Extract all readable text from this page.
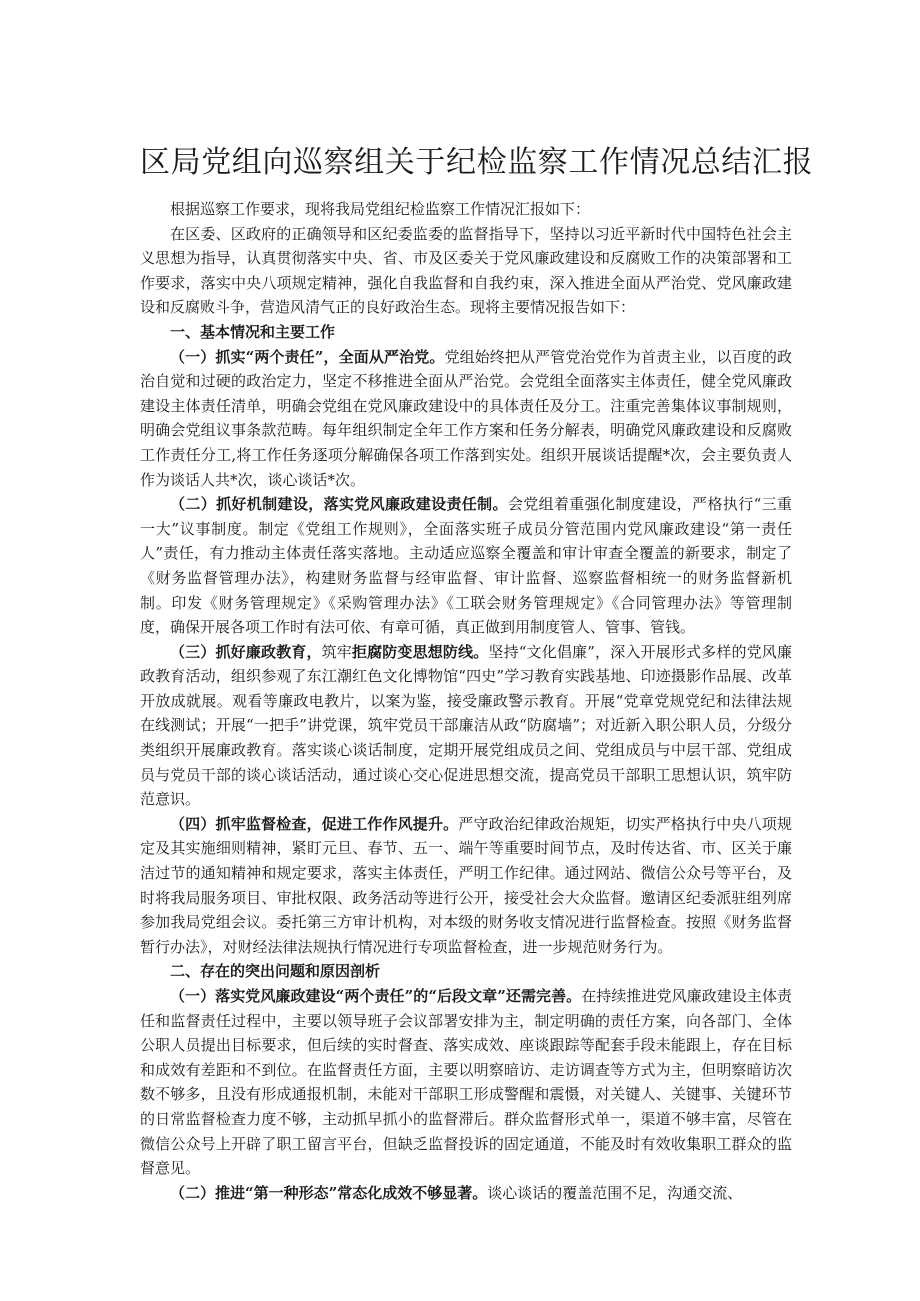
区局党组向巡察组关于纪检监察工作情况总结汇报

根据巡察工作要求，现将我局党组纪检监察工作情况汇报如下：

在区委、区政府的正确领导和区纪委监委的监督指导下，坚持以习近平新时代中国特色社会主义思想为指导，认真贯彻落实中央、省、市及区委关于党风廉政建设和反腐败工作的决策部署和工作要求，落实中央八项规定精神，强化自我监督和自我约束，深入推进全面从严治党、党风廉政建设和反腐败斗争，营造风清气正的良好政治生态。现将主要情况报告如下：

一、基本情况和主要工作

（一）抓实“两个责任”，全面从严治党。党组始终把从严管党治党作为首责主业，以百度的政治自觉和过硬的政治定力，坚定不移推进全面从严治党。会党组全面落实主体责任，健全党风廉政建设主体责任清单，明确会党组在党风廉政建设中的具体责任及分工。注重完善集体议事制规则，明确会党组议事条款范畴。每年组织制定全年工作方案和任务分解表，明确党风廉政建设和反腐败工作责任分工,将工作任务逐项分解确保各项工作落到实处。组织开展谈话提醒*次，会主要负责人作为谈话人共*次，谈心谈话*次。

（二）抓好机制建设，落实党风廉政建设责任制。会党组着重强化制度建设，严格执行“三重一大”议事制度。制定《党组工作规则》，全面落实班子成员分管范围内党风廉政建设“第一责任人”责任，有力推动主体责任落实落地。主动适应巡察全覆盖和审计审查全覆盖的新要求，制定了《财务监督管理办法》，构建财务监督与经审监督、审计监督、巡察监督相统一的财务监督新机制。印发《财务管理规定》《采购管理办法》《工联会财务管理规定》《合同管理办法》等管理制度，确保开展各项工作时有法可依、有章可循，真正做到用制度管人、管事、管钱。

（三）抓好廉政教育，筑牢拒腐防变思想防线。坚持“文化倡廉”，深入开展形式多样的党风廉政教育活动，组织参观了东江潮红色文化博物馆“四史”学习教育实践基地、印迹摄影作品展、改革开放成就展。观看等廉政电教片，以案为鉴，接受廉政警示教育。开展“党章党规党纪和法律法规在线测试；开展“一把手”讲党课，筑牢党员干部廉洁从政“防腐墙”；对近新入职公职人员，分级分类组织开展廉政教育。落实谈心谈话制度，定期开展党组成员之间、党组成员与中层干部、党组成员与党员干部的谈心谈话活动，通过谈心交心促进思想交流，提高党员干部职工思想认识，筑牢防范意识。

（四）抓牢监督检查，促进工作作风提升。严守政治纪律政治规矩，切实严格执行中央八项规定及其实施细则精神，紧盯元旦、春节、五一、端午等重要时间节点，及时传达省、市、区关于廉洁过节的通知精神和规定要求，落实主体责任，严明工作纪律。通过网站、微信公众号等平台，及时将我局服务项目、审批权限、政务活动等进行公开，接受社会大众监督。邀请区纪委派驻组列席参加我局党组会议。委托第三方审计机构，对本级的财务收支情况进行监督检查。按照《财务监督暂行办法》，对财经法律法规执行情况进行专项监督检查，进一步规范财务行为。

二、存在的突出问题和原因剖析

（一）落实党风廉政建设“两个责任”的“后段文章”还需完善。在持续推进党风廉政建设主体责任和监督责任过程中，主要以领导班子会议部署安排为主，制定明确的责任方案，向各部门、全体公职人员提出目标要求，但后续的实时督查、落实成效、座谈跟踪等配套手段未能跟上，存在目标和成效有差距和不到位。在监督责任方面，主要以明察暗访、走访调查等方式为主，但明察暗访次数不够多，且没有形成通报机制，未能对干部职工形成警醒和震慑，对关键人、关键事、关键环节的日常监督检查力度不够，主动抓早抓小的监督滞后。群众监督形式单一，渠道不够丰富，尽管在微信公众号上开辟了职工留言平台，但缺乏监督投诉的固定通道，不能及时有效收集职工群众的监督意见。

（二）推进“第一种形态”常态化成效不够显著。谈心谈话的覆盖范围不足，沟通交流、
